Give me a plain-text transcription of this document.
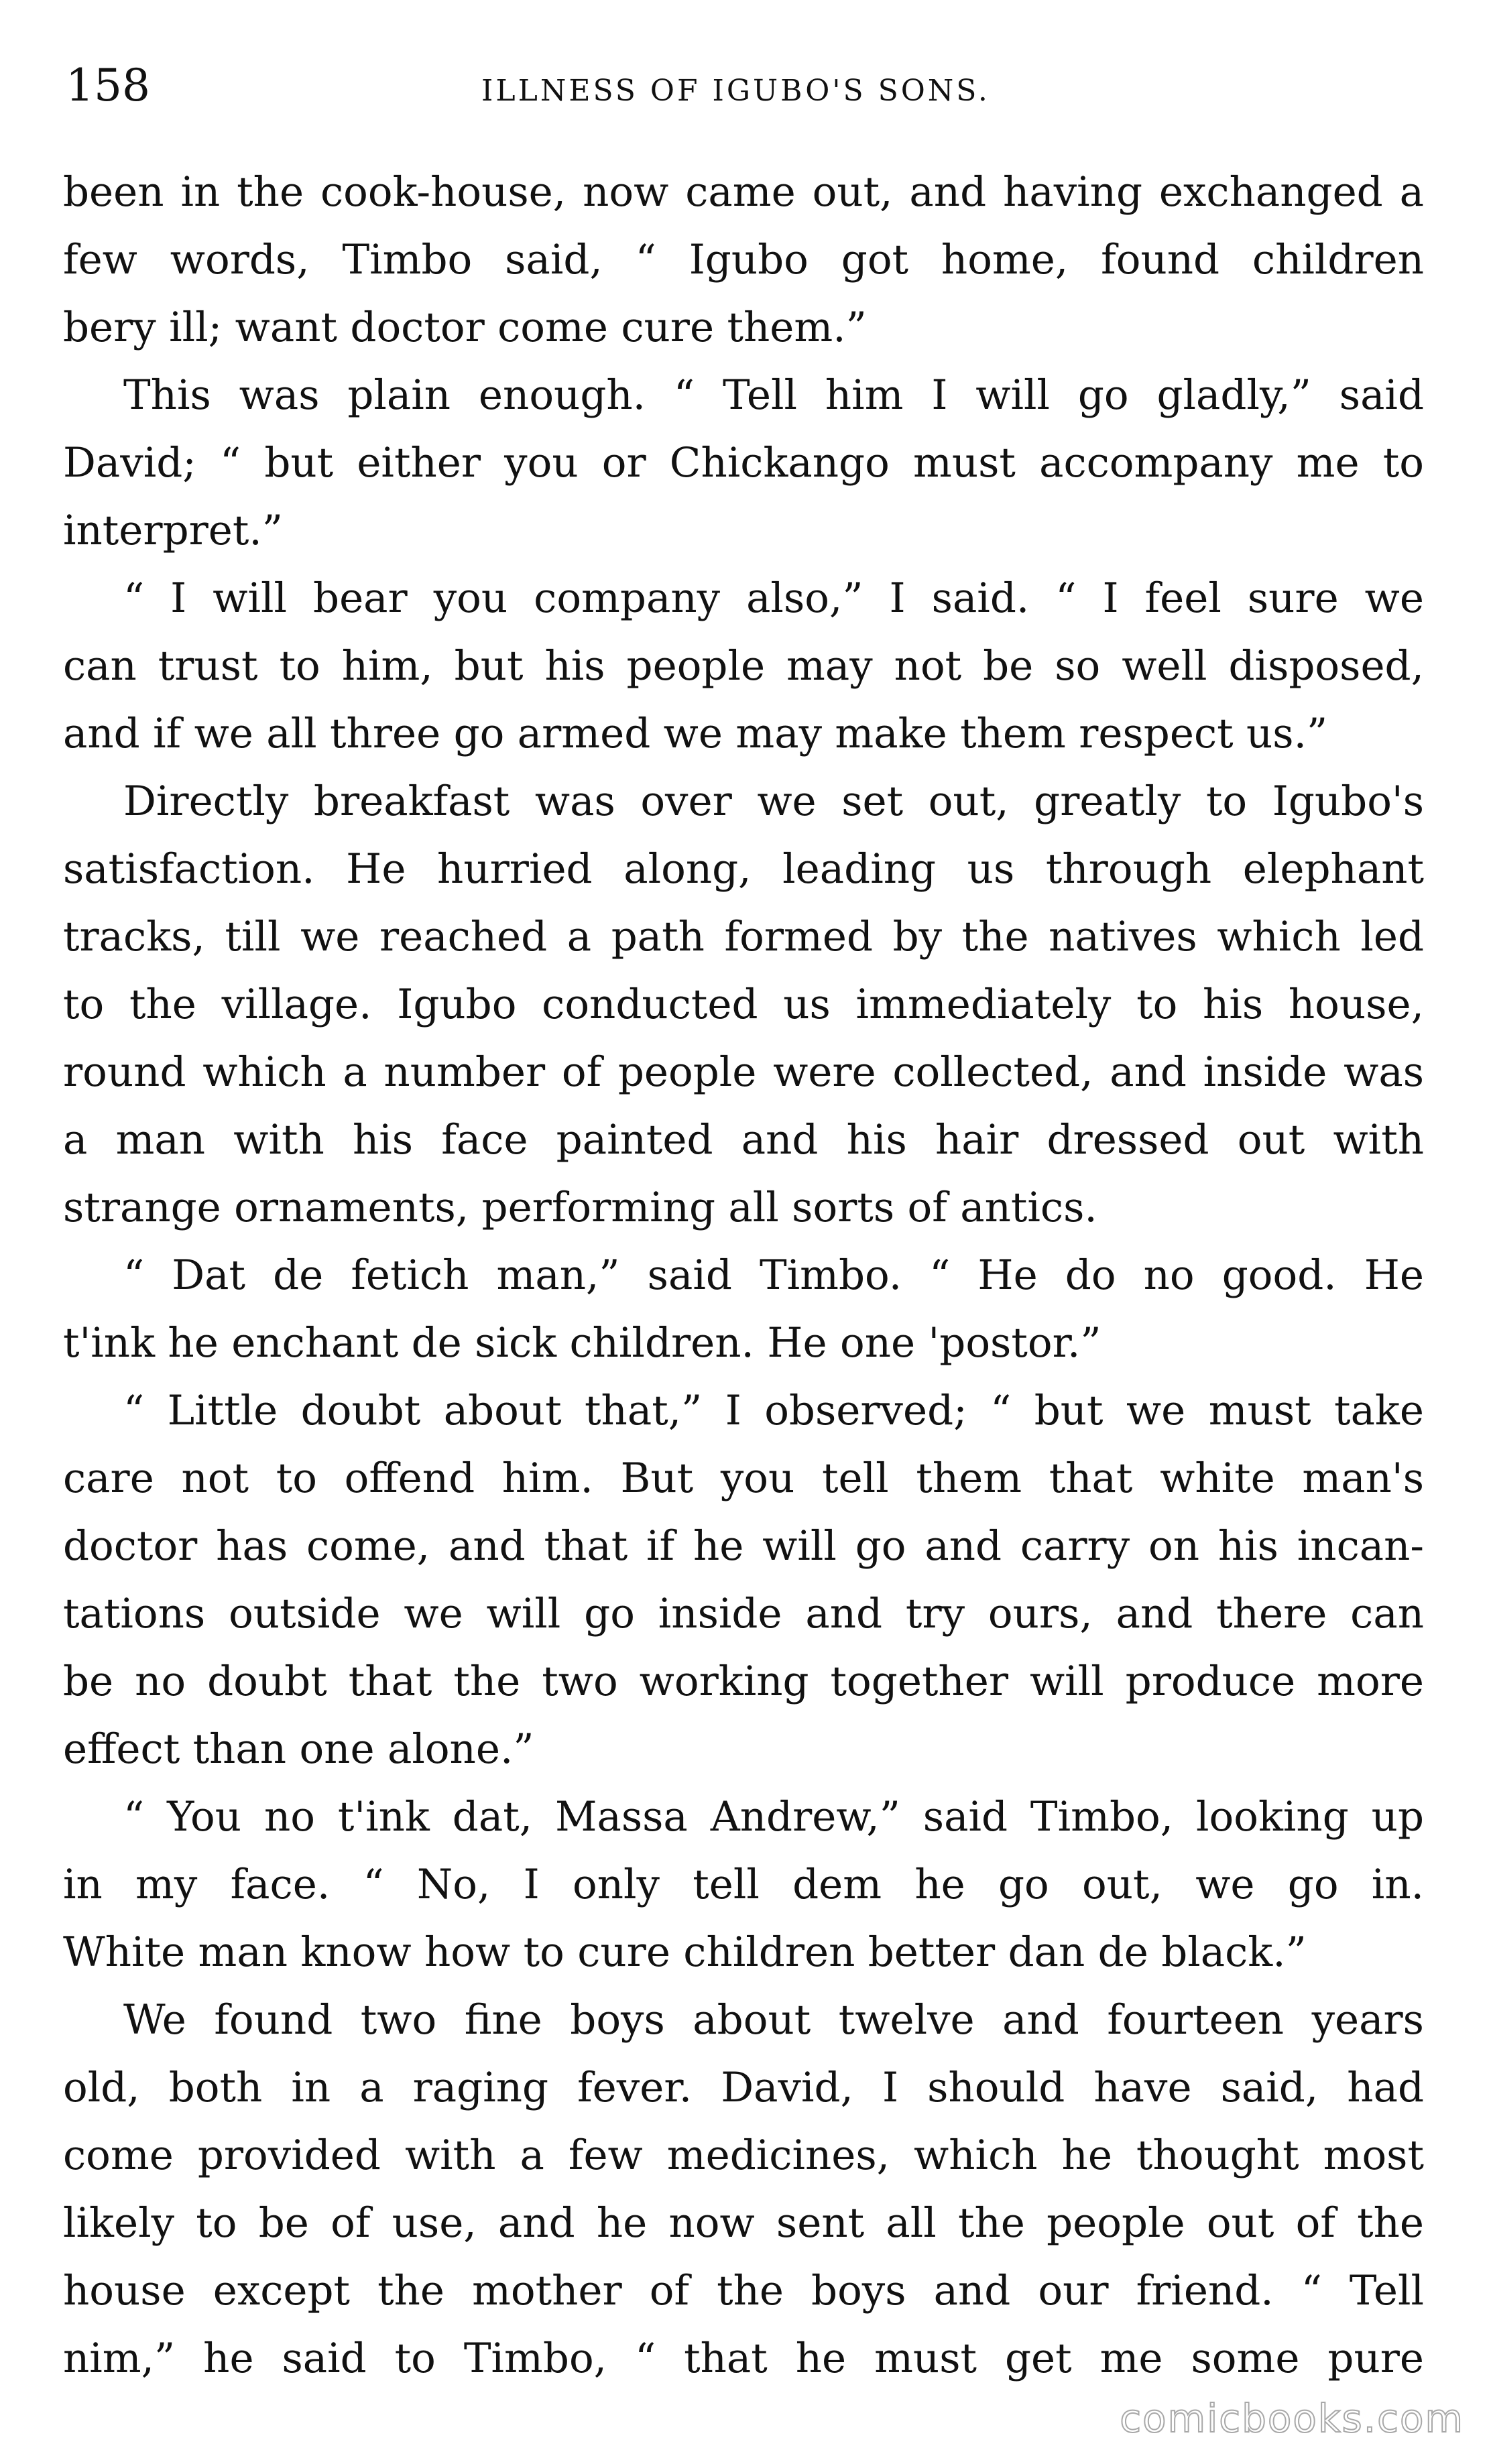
158	ILLNESS OF IGUBO'S SONS.
been in the cook-house, now came out, and having exchanged a
few words, Timbo said, “ Igubo got home, found children
bery ill; want doctor come cure them.”
This was plain enough. “ Tell him I will go gladly,” said
David; “ but either you or Chickango must accompany me to
interpret.”
“ I will bear you company also,” I said. “ I feel sure we
can trust to him, but his people may not be so well disposed,
and if we all three go armed we may make them respect us.”
Directly breakfast was over we set out, greatly to Igubo's
satisfaction. He hurried along, leading us through elephant
tracks, till we reached a path formed by the natives which led
to the village. Igubo conducted us immediately to his house,
round which a number of people were collected, and inside was
a man with his face painted and his hair dressed out with
strange ornaments, performing all sorts of antics.
“ Dat de fetich man,” said Timbo. “ He do no good. He
t'ink he enchant de sick children. He one 'postor.”
“ Little doubt about that,” I observed; “ but we must take
care not to offend him. But you tell them that white man's
doctor has come, and that if he will go and carry on his incan-
tations outside we will go inside and try ours, and there can
be no doubt that the two working together will produce more
effect than one alone.”
“ You no t'ink dat, Massa Andrew,” said Timbo, looking up
in my face. “ No, I only tell dem he go out, we go in.
White man know how to cure children better dan de black.”
We found two fine boys about twelve and fourteen years
old, both in a raging fever. David, I should have said, had
come provided with a few medicines, which he thought most
likely to be of use, and he now sent all the people out of the
house except the mother of the boys and our friend. “ Tell
nim,” he said to Timbo, “ that he must get me some pure
comicbooks.com
